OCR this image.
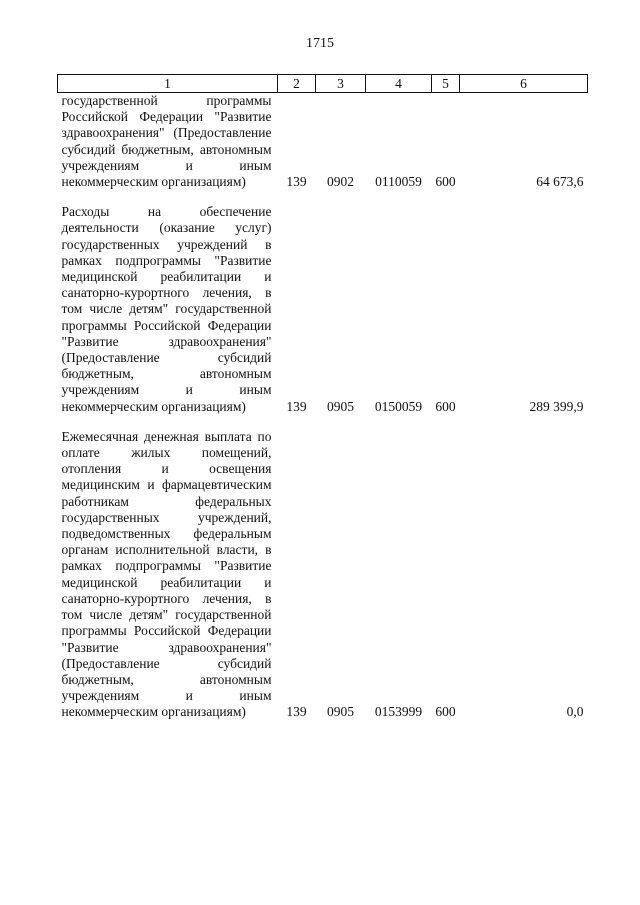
1715
1	2	3	4	5	6
государственной программы Российской Федерации "Развитие здравоохранения" (Предоставление субсидий бюджетным, автономным учреждениям и иным некоммерческим организациям)	139	0902	0110059	600	64 673,6
Расходы на обеспечение деятельности (оказание услуг) государственных учреждений в рамках подпрограммы "Развитие медицинской реабилитации и санаторно-курортного лечения, в том числе детям" государственной программы Российской Федерации "Развитие здравоохранения" (Предоставление субсидий бюджетным, автономным учреждениям и иным некоммерческим организациям)	139	0905	0150059	600	289 399,9
Ежемесячная денежная выплата по оплате жилых помещений, отопления и освещения медицинским и фармацевтическим работникам федеральных государственных учреждений, подведомственных федеральным органам исполнительной власти, в рамках подпрограммы "Развитие медицинской реабилитации и санаторно-курортного лечения, в том числе детям" государственной программы Российской Федерации "Развитие здравоохранения" (Предоставление субсидий бюджетным, автономным учреждениям и иным некоммерческим организациям)	139	0905	0153999	600	0,0
